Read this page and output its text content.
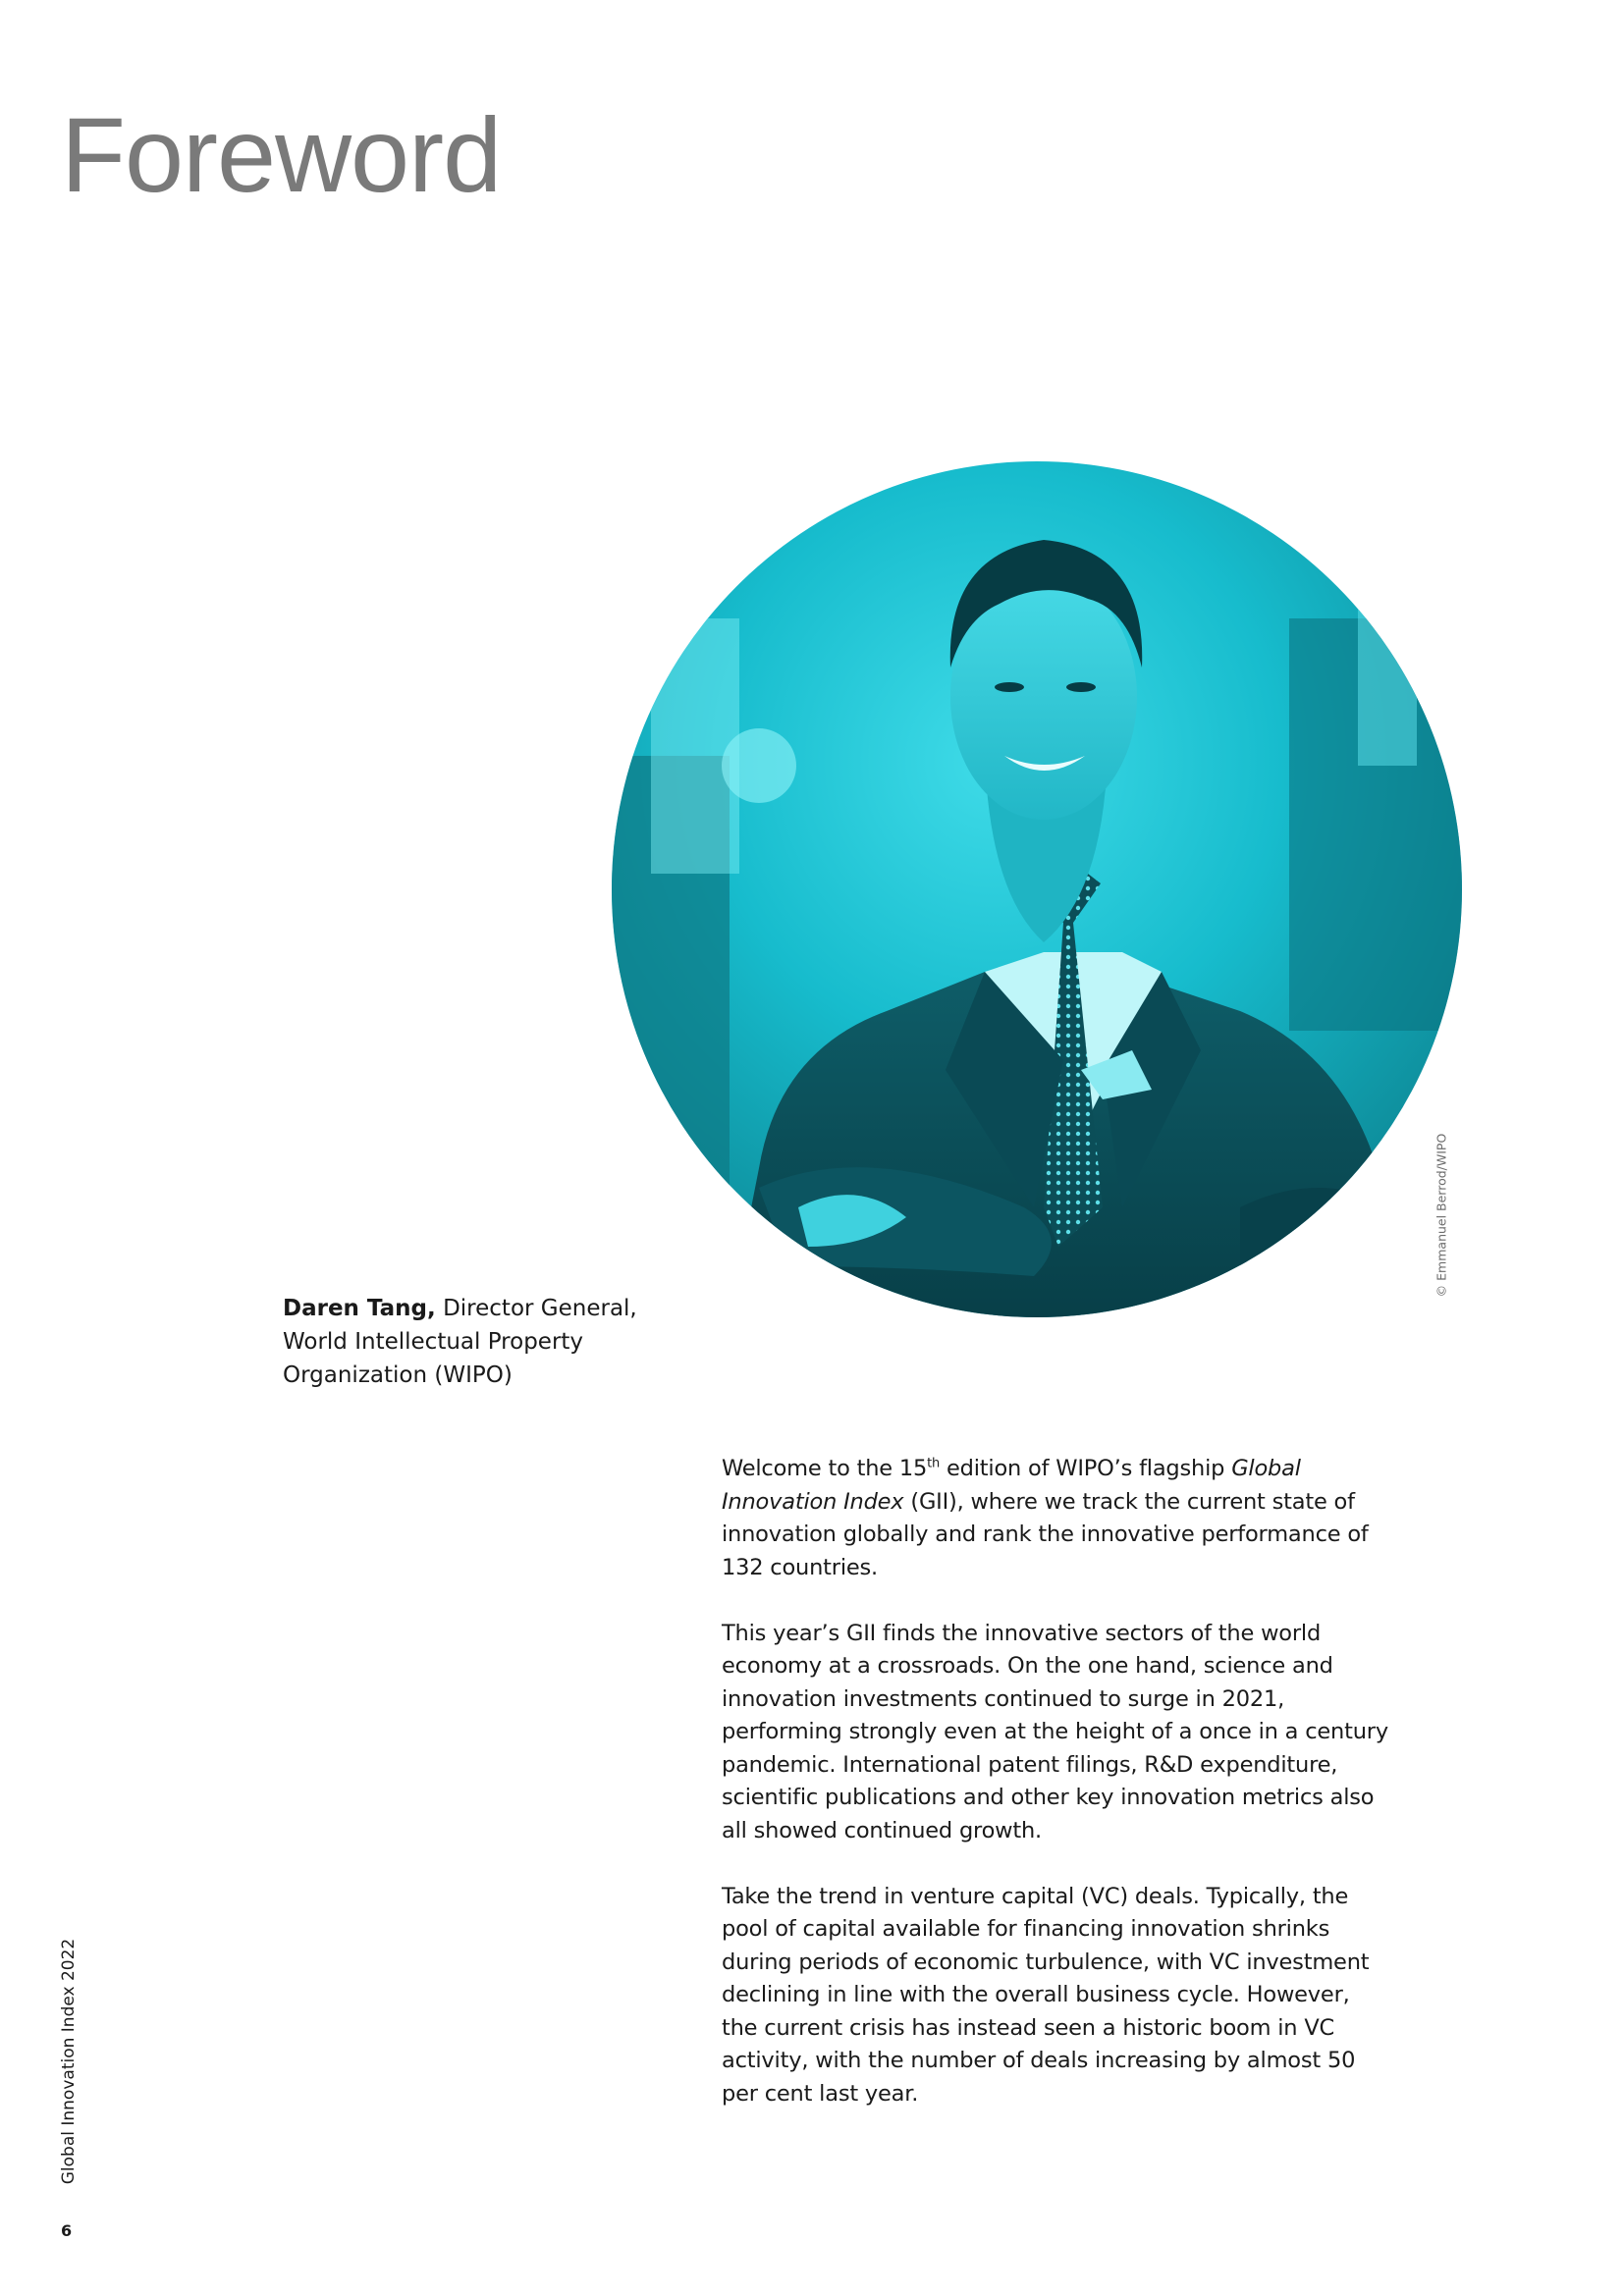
Foreword
© Emmanuel Berrod/WIPO
Daren Tang, Director General,
World Intellectual Property
Organization (WIPO)

Welcome to the 15th edition of WIPO’s flagship Global Innovation Index (GII), where we track the current state of innovation globally and rank the innovative performance of 132 countries.

This year’s GII finds the innovative sectors of the world economy at a crossroads. On the one hand, science and innovation investments continued to surge in 2021, performing strongly even at the height of a once in a century pandemic. International patent filings, R&D expenditure, scientific publications and other key innovation metrics also all showed continued growth.

Take the trend in venture capital (VC) deals. Typically, the pool of capital available for financing innovation shrinks during periods of economic turbulence, with VC investment declining in line with the overall business cycle. However, the current crisis has instead seen a historic boom in VC activity, with the number of deals increasing by almost 50 per cent last year.

Global Innovation Index 2022
6
